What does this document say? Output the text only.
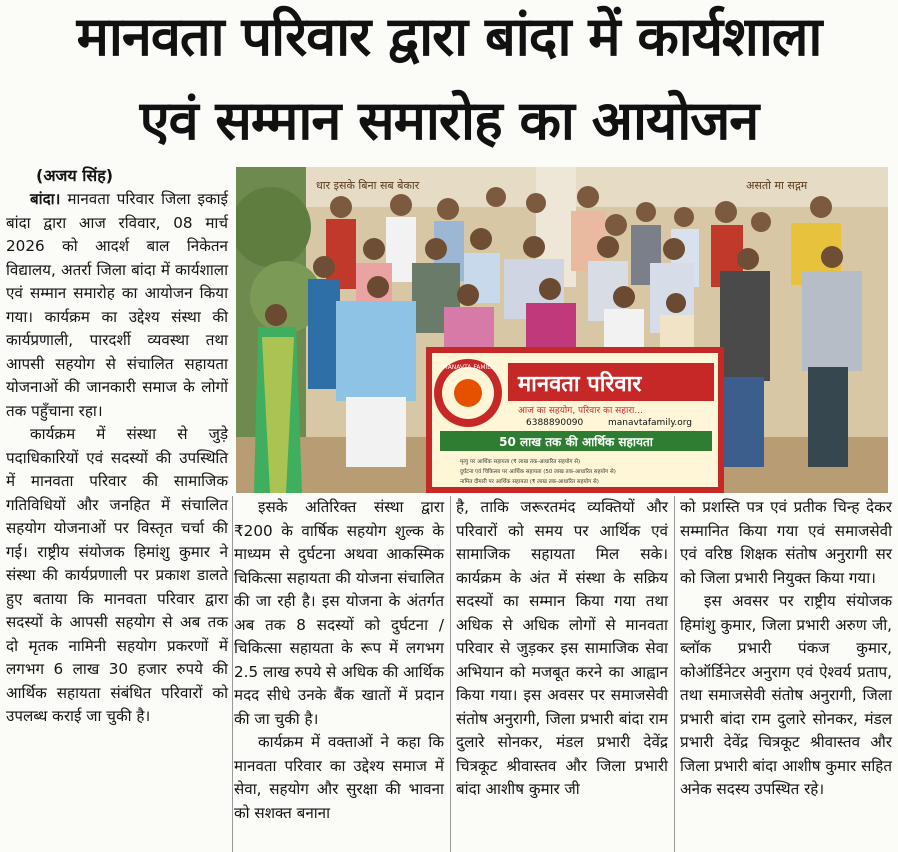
मानवता परिवार द्वारा बांदा में कार्यशाला
एवं सम्मान समारोह का आयोजन
धार इसके बिना सब बेकार	असतो मा सद्गम
MANAVTA FAMILY
मानवता परिवार
आज का सहयोग, परिवार का सहारा...
6388890090	manavtafamily.org
50 लाख तक की आर्थिक सहायता
मृत्यु पर आर्थिक सहायता (₹ लाख तक-आधारित सहयोग से)
दुर्घटना एवं चिकित्सा पर आर्थिक सहायता (50 लाख तक-आधारित सहयोग से)
नामित दीमारी पर आर्थिक सहायता (₹ लाख तक-आधारित सहयोग से)
(अजय सिंह)

बांदा। मानवता परिवार जिला इकाई बांदा द्वारा आज रविवार, 08 मार्च 2026 को आदर्श बाल निकेतन विद्यालय, अतर्रा जिला बांदा में कार्यशाला एवं सम्मान समारोह का आयोजन किया गया। कार्यक्रम का उद्देश्य संस्था की कार्यप्रणाली, पारदर्शी व्यवस्था तथा आपसी सहयोग से संचालित सहायता योजनाओं की जानकारी समाज के लोगों तक पहुँचाना रहा।

कार्यक्रम में संस्था से जुड़े पदाधिकारियों एवं सदस्यों की उपस्थिति में मानवता परिवार की सामाजिक गतिविधियों और जनहित में संचालित सहयोग योजनाओं पर विस्तृत चर्चा की गई। राष्ट्रीय संयोजक हिमांशु कुमार ने संस्था की कार्यप्रणाली पर प्रकाश डालते हुए बताया कि मानवता परिवार द्वारा सदस्यों के आपसी सहयोग से अब तक दो मृतक नामिनी सहयोग प्रकरणों में लगभग 6 लाख 30 हजार रुपये की आर्थिक सहायता संबंधित परिवारों को उपलब्ध कराई जा चुकी है।

इसके अतिरिक्त संस्था द्वारा ₹200 के वार्षिक सहयोग शुल्क के माध्यम से दुर्घटना अथवा आकस्मिक चिकित्सा सहायता की योजना संचालित की जा रही है। इस योजना के अंतर्गत अब तक 8 सदस्यों को दुर्घटना / चिकित्सा सहायता के रूप में लगभग 2.5 लाख रुपये से अधिक की आर्थिक मदद सीधे उनके बैंक खातों में प्रदान की जा चुकी है।

कार्यक्रम में वक्ताओं ने कहा कि मानवता परिवार का उद्देश्य समाज में सेवा, सहयोग और सुरक्षा की भावना को सशक्त बनाना

है, ताकि जरूरतमंद व्यक्तियों और परिवारों को समय पर आर्थिक एवं सामाजिक सहायता मिल सके। कार्यक्रम के अंत में संस्था के सक्रिय सदस्यों का सम्मान किया गया तथा अधिक से अधिक लोगों से मानवता परिवार से जुड़कर इस सामाजिक सेवा अभियान को मजबूत करने का आह्वान किया गया। इस अवसर पर समाजसेवी संतोष अनुरागी, जिला प्रभारी बांदा राम दुलारे सोनकर, मंडल प्रभारी देवेंद्र चित्रकूट श्रीवास्तव और जिला प्रभारी बांदा आशीष कुमार जी

को प्रशस्ति पत्र एवं प्रतीक चिन्ह देकर सम्मानित किया गया एवं समाजसेवी एवं वरिष्ठ शिक्षक संतोष अनुरागी सर को जिला प्रभारी नियुक्त किया गया।

इस अवसर पर राष्ट्रीय संयोजक हिमांशु कुमार, जिला प्रभारी अरुण जी, ब्लॉक प्रभारी पंकज कुमार, कोऑर्डिनेटर अनुराग एवं ऐश्वर्य प्रताप, तथा समाजसेवी संतोष अनुरागी, जिला प्रभारी बांदा राम दुलारे सोनकर, मंडल प्रभारी देवेंद्र चित्रकूट श्रीवास्तव और जिला प्रभारी बांदा आशीष कुमार सहित अनेक सदस्य उपस्थित रहे।
